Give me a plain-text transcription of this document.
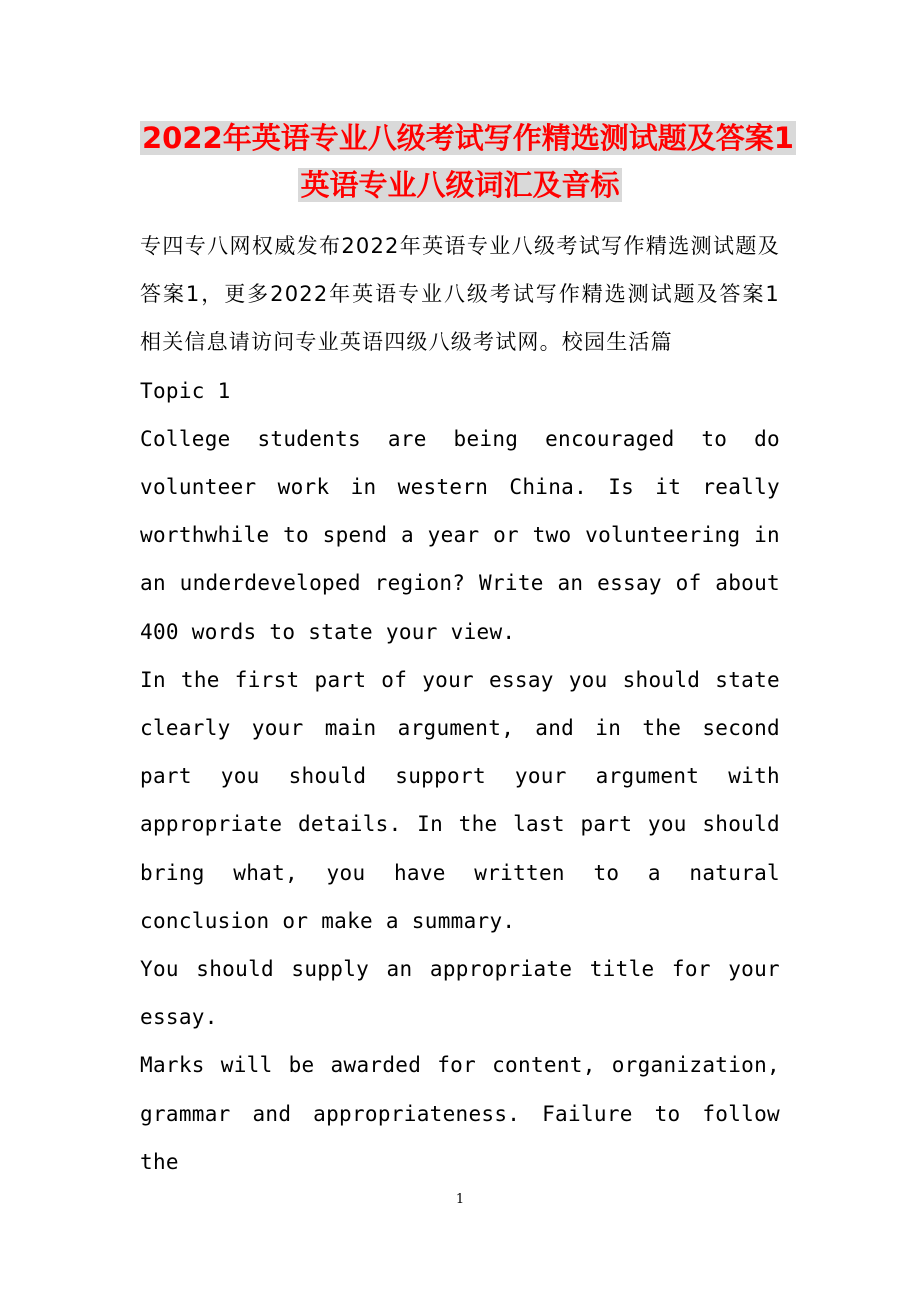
2022年英语专业八级考试写作精选测试题及答案1
英语专业八级词汇及音标

专四专八网权威发布2022年英语专业八级考试写作精选测试题及答案1，更多2022年英语专业八级考试写作精选测试题及答案1相关信息请访问专业英语四级八级考试网。校园生活篇

Topic 1

College students are being encouraged to do volunteer work in western China. Is it really worthwhile to spend a year or two volunteering in an underdeveloped region? Write an essay of about 400 words to state your view.

In the first part of your essay you should state clearly your main argument, and in the second part you should support your argument with appropriate details. In the last part you should bring what, you have written to a natural conclusion or make a summary.

You should supply an appropriate title for your essay.

Marks will be awarded for content, organization, grammar and appropriateness. Failure to follow the

1
